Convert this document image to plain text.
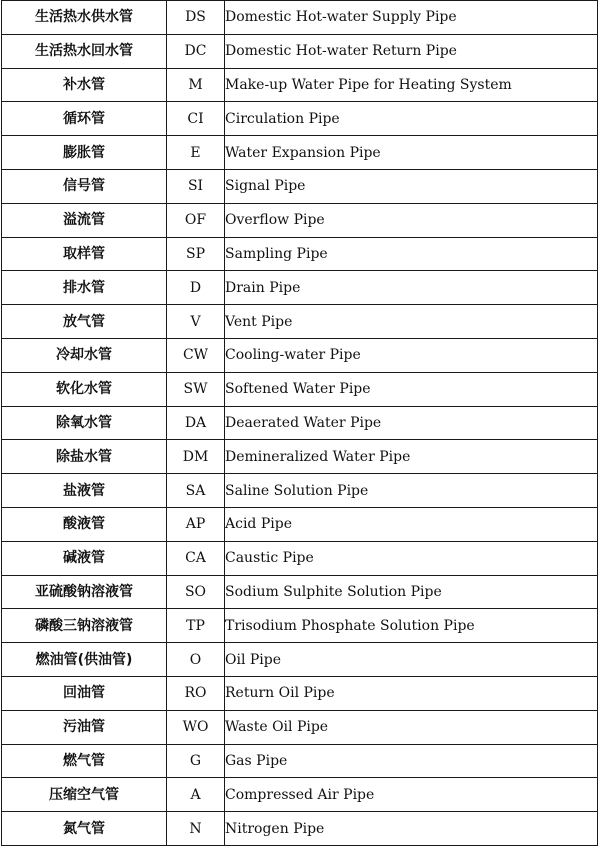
生活热水供水管	DS	Domestic Hot-water Supply Pipe
生活热水回水管	DC	Domestic Hot-water Return Pipe
补水管	M	Make-up Water Pipe for Heating System
循环管	CI	Circulation Pipe
膨胀管	E	Water Expansion Pipe
信号管	SI	Signal Pipe
溢流管	OF	Overflow Pipe
取样管	SP	Sampling Pipe
排水管	D	Drain Pipe
放气管	V	Vent Pipe
冷却水管	CW	Cooling-water Pipe
软化水管	SW	Softened Water Pipe
除氧水管	DA	Deaerated Water Pipe
除盐水管	DM	Demineralized Water Pipe
盐液管	SA	Saline Solution Pipe
酸液管	AP	Acid Pipe
碱液管	CA	Caustic Pipe
亚硫酸钠溶液管	SO	Sodium Sulphite Solution Pipe
磷酸三钠溶液管	TP	Trisodium Phosphate Solution Pipe
燃油管(供油管)	O	Oil Pipe
回油管	RO	Return Oil Pipe
污油管	WO	Waste Oil Pipe
燃气管	G	Gas Pipe
压缩空气管	A	Compressed Air Pipe
氮气管	N	Nitrogen Pipe
